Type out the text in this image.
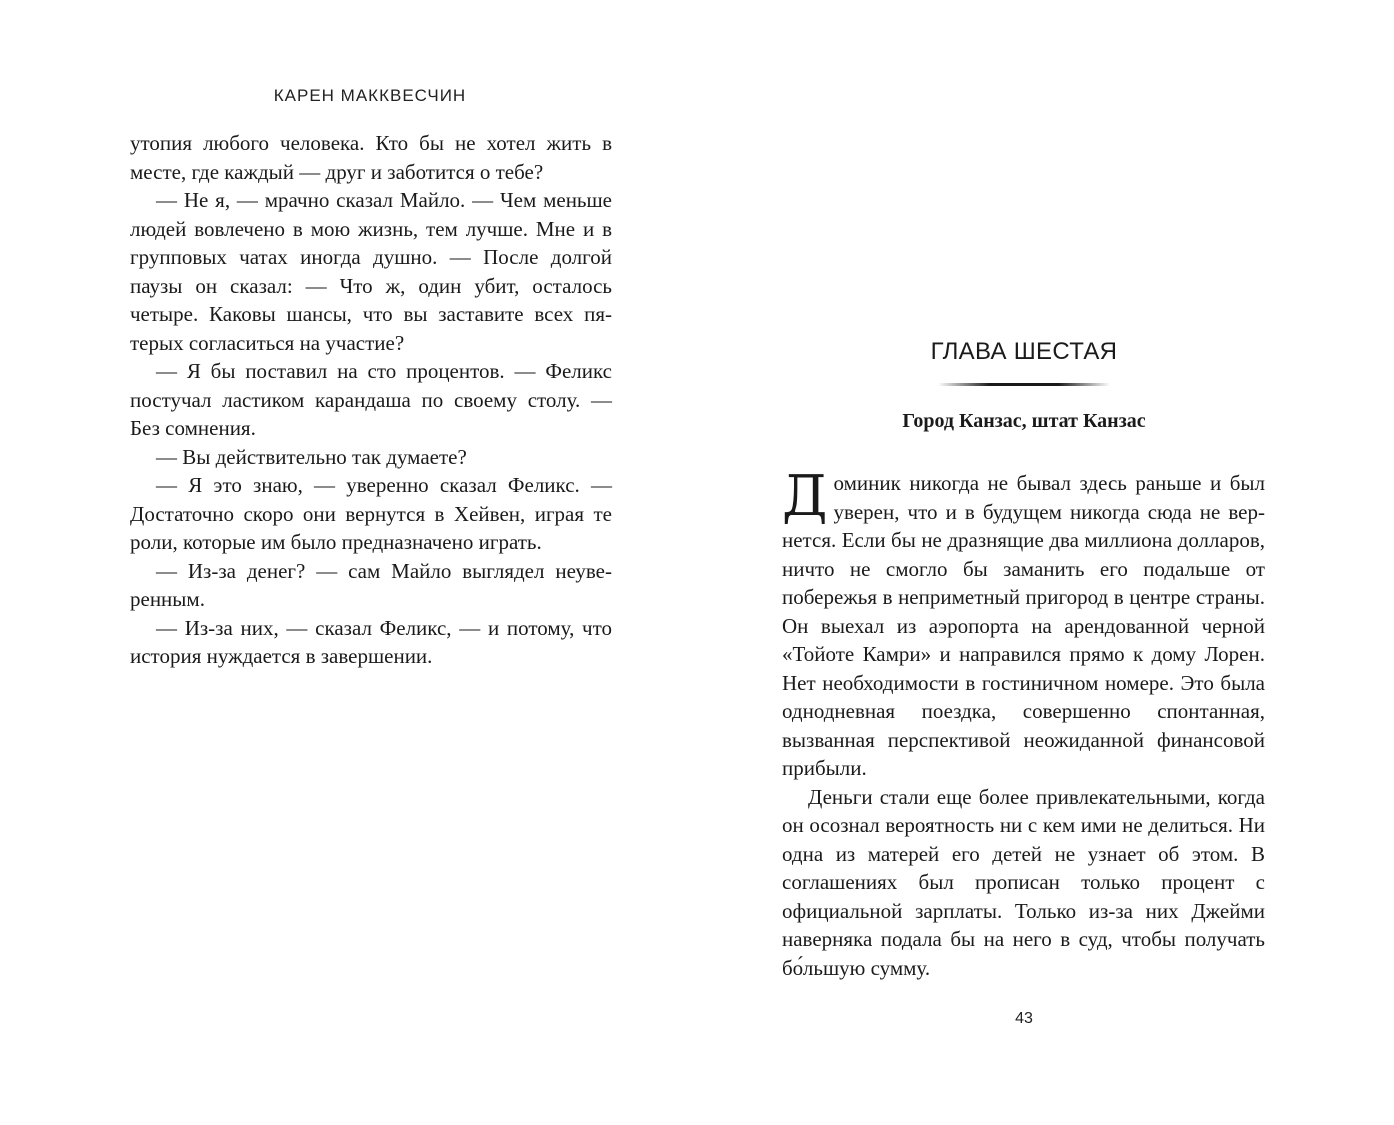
КАРЕН МАККВЕСЧИН

утопия любого человека. Кто бы не хотел жить в месте, где каждый — друг и заботится о тебе?

— Не я, — мрачно сказал Майло. — Чем меньше людей вовлечено в мою жизнь, тем лучше. Мне и в групповых чатах иногда душно. — После долгой паузы он сказал: — Что ж, один убит, осталось четыре. Каковы шансы, что вы заставите всех пятерых согласиться на участие?

— Я бы поставил на сто процентов. — Феликс постучал ластиком карандаша по своему столу. — Без сомнения.

— Вы действительно так думаете?

— Я это знаю, — уверенно сказал Феликс. — Достаточно скоро они вернутся в Хейвен, играя те роли, которые им было предназначено играть.

— Из-за денег? — сам Майло выглядел неуверенным.

— Из-за них, — сказал Феликс, — и потому, что история нуждается в завершении.

ГЛАВА ШЕСТАЯ
Город Канзас, штат Канзас

Доминик никогда не бывал здесь раньше и был уверен, что и в будущем никогда сюда не вернется. Если бы не дразнящие два миллиона долларов, ничто не смогло бы заманить его подальше от побережья в неприметный пригород в центре страны. Он выехал из аэропорта на арендованной черной «Тойоте Камри» и направился прямо к дому Лорен. Нет необходимости в гостиничном номере. Это была однодневная поездка, совершенно спонтанная, вызванная перспективой неожиданной финансовой прибыли.

Деньги стали еще более привлекательными, когда он осознал вероятность ни с кем ими не делиться. Ни одна из матерей его детей не узнает об этом. В соглашениях был прописан только процент с официальной зарплаты. Только из-за них Джейми наверняка подала бы на него в суд, чтобы получать бо́льшую сумму.

43
